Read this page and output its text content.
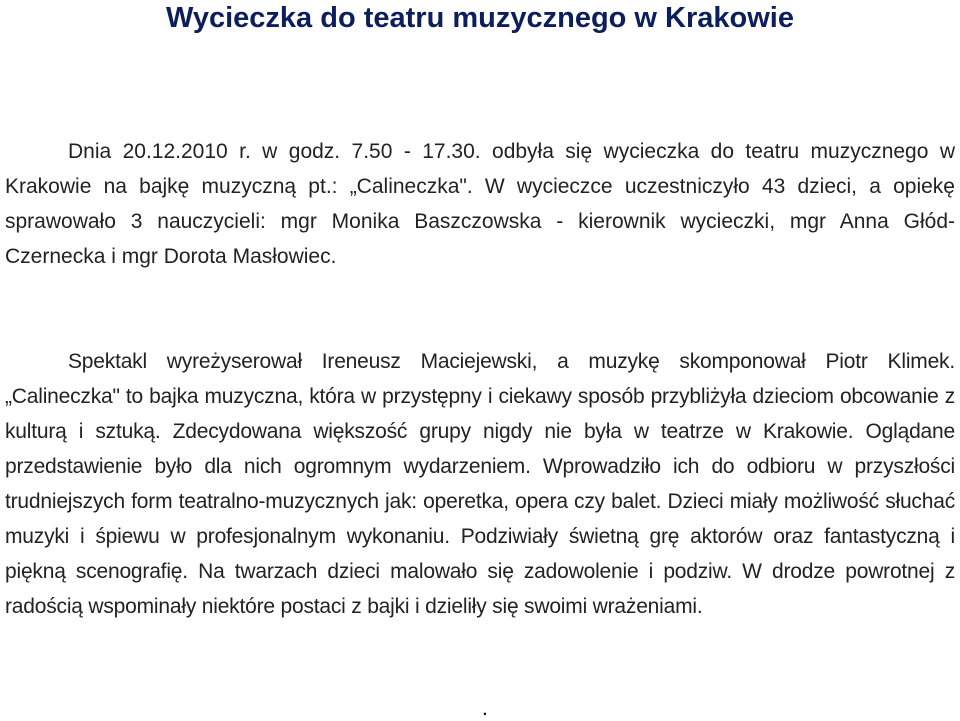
Wycieczka do teatru muzycznego w Krakowie

Dnia 20.12.2010 r. w godz. 7.50 - 17.30. odbyła się wycieczka do teatru muzycznego w Krakowie na bajkę muzyczną pt.: „Calineczka". W wycieczce uczestniczyło 43 dzieci, a opiekę sprawowało 3 nauczycieli: mgr Monika Baszczowska - kierownik wycieczki, mgr Anna Głód-Czernecka i mgr Dorota Masłowiec.

Spektakl wyreżyserował Ireneusz Maciejewski, a muzykę skomponował Piotr Klimek. „Calineczka" to bajka muzyczna, która w przystępny i ciekawy sposób przybliżyła dzieciom obcowanie z kulturą i sztuką. Zdecydowana większość grupy nigdy nie była w teatrze w Krakowie. Oglądane przedstawienie było dla nich ogromnym wydarzeniem. Wprowadziło ich do odbioru w przyszłości trudniejszych form teatralno-muzycznych jak: operetka, opera czy balet. Dzieci miały możliwość słuchać muzyki i śpiewu w profesjonalnym wykonaniu. Podziwiały świetną grę aktorów oraz fantastyczną i piękną scenografię. Na twarzach dzieci malowało się zadowolenie i podziw. W drodze powrotnej z radością wspominały niektóre postaci z bajki i dzieliły się swoimi wrażeniami.

.
